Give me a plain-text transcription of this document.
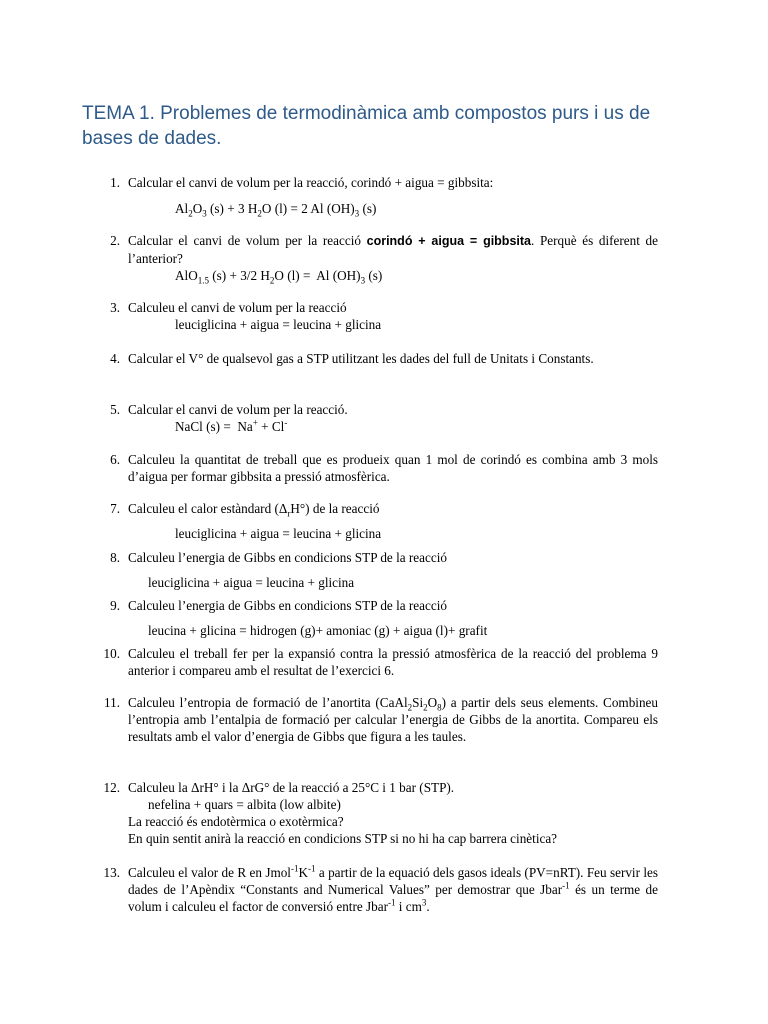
TEMA 1. Problemes de termodinàmica amb compostos purs i us de bases de dades.
1. Calcular el canvi de volum per la reacció, corindó + aigua = gibbsita:
$Al_2O_3$ (s) + 3 $H_2O$ (l) = 2 Al $(OH)_3$ (s)
2. Calcular el canvi de volum per la reacció corindó + aigua = gibbsita. Perquè és diferent de l’anterior?
AlO$_{1.5}$ (s) + 3/2 $H_2O$ (l) =  Al $(OH)_3$ (s)
3. Calculeu el canvi de volum per la reacció
leuciglicina + aigua = leucina + glicina
4. Calcular el V° de qualsevol gas a STP utilitzant les dades del full de Unitats i Constants.
5. Calcular el canvi de volum per la reacció.
NaCl (s) =  Na+ + Cl-
6. Calculeu la quantitat de treball que es produeix quan 1 mol de corindó es combina amb 3 mols d’aigua per formar gibbsita a pressió atmosfèrica.
7. Calculeu el calor estàndard $(\Delta_rH^\circ)$ de la reacció
leuciglicina + aigua = leucina + glicina
8. Calculeu l’energia de Gibbs en condicions STP de la reacció
leuciglicina + aigua = leucina + glicina
9. Calculeu l’energia de Gibbs en condicions STP de la reacció
leucina + glicina = hidrogen (g)+ amoniac (g) + aigua (l)+ grafit
10. Calculeu el treball fer per la expansió contra la pressió atmosfèrica de la reacció del problema 9 anterior i compareu amb el resultat de l’exercici 6.
11. Calculeu l’entropia de formació de l’anortita $(CaAl_2Si_2O_8)$ a partir dels seus elements. Combineu l’entropia amb l’entalpia de formació per calcular l’energia de Gibbs de la anortita. Compareu els resultats amb el valor d’energia de Gibbs que figura a les taules.
12. Calculeu la ΔrH° i la ΔrG° de la reacció a 25°C i 1 bar (STP).
nefelina + quars = albita (low albite)
La reacció és endotèrmica o exotèrmica?
En quin sentit anirà la reacció en condicions STP si no hi ha cap barrera cinètica?
13. Calculeu el valor de R en $Jmol^{-1}K^{-1}$ a partir de la equació dels gasos ideals (PV=nRT). Feu servir les dades de l’Apèndix “Constants and Numerical Values” per demostrar que Jbar$^{-1}$ és un terme de volum i calculeu el factor de conversió entre Jbar$^{-1}$ i $cm^3$.
